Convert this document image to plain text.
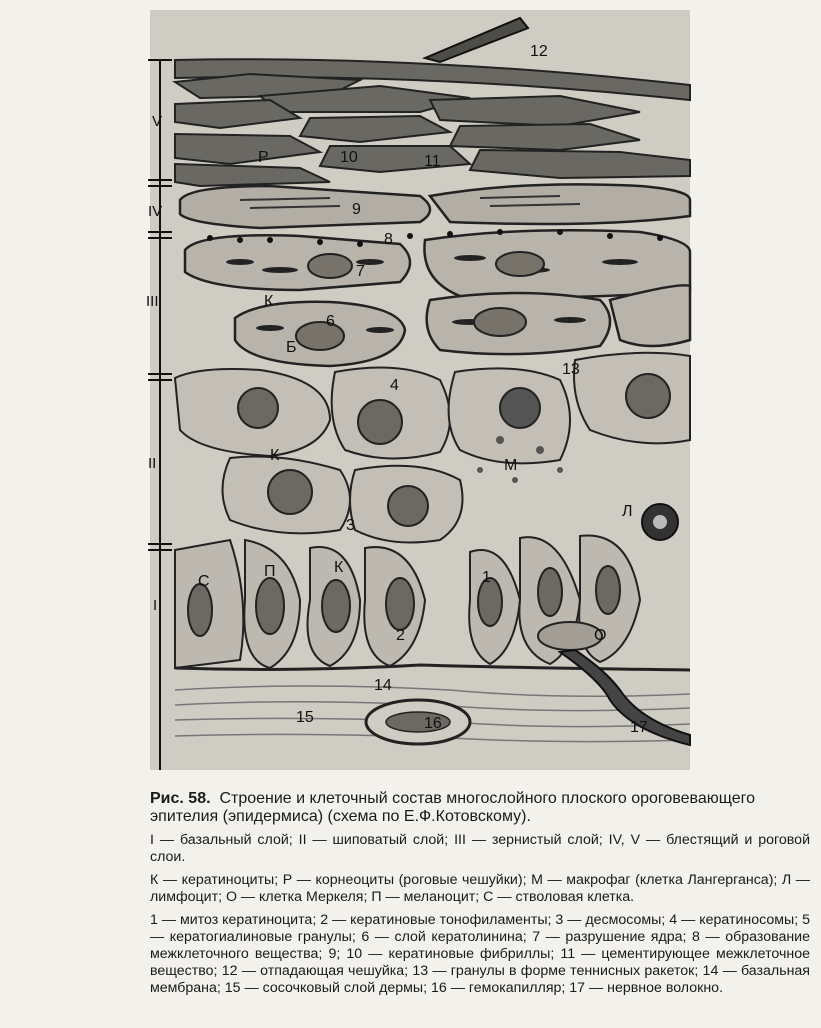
V
IV
III
II
I
12
Р	10	11
9
8
7
К
6
Б
13
4
К
М
Л
3
С
П	К
1
2	О
14
15	16	17
Рис. 58. Строение и клеточный состав многослойного плоского ороговевающего эпителия (эпидермиса) (схема по Е.Ф.Котовскому).
I — базальный слой; II — шиповатый слой; III — зернистый слой; IV, V — блестящий и роговой слои.
К — кератиноциты; Р — корнеоциты (роговые чешуйки); М — макрофаг (клетка Лангерганса); Л — лимфоцит; О — клетка Меркеля; П — меланоцит; С — стволовая клетка.
1 — митоз кератиноцита; 2 — кератиновые тонофиламенты; 3 — десмосомы; 4 — кератиносомы; 5 — кератогиалиновые гранулы; 6 — слой кератолинина; 7 — разрушение ядра; 8 — образование межклеточного вещества; 9; 10 — кератиновые фибриллы; 11 — цементирующее межклеточное вещество; 12 — отпадающая чешуйка; 13 — гранулы в форме теннисных ракеток; 14 — базальная мембрана; 15 — сосочковый слой дермы; 16 — гемокапилляр; 17 — нервное волокно.
